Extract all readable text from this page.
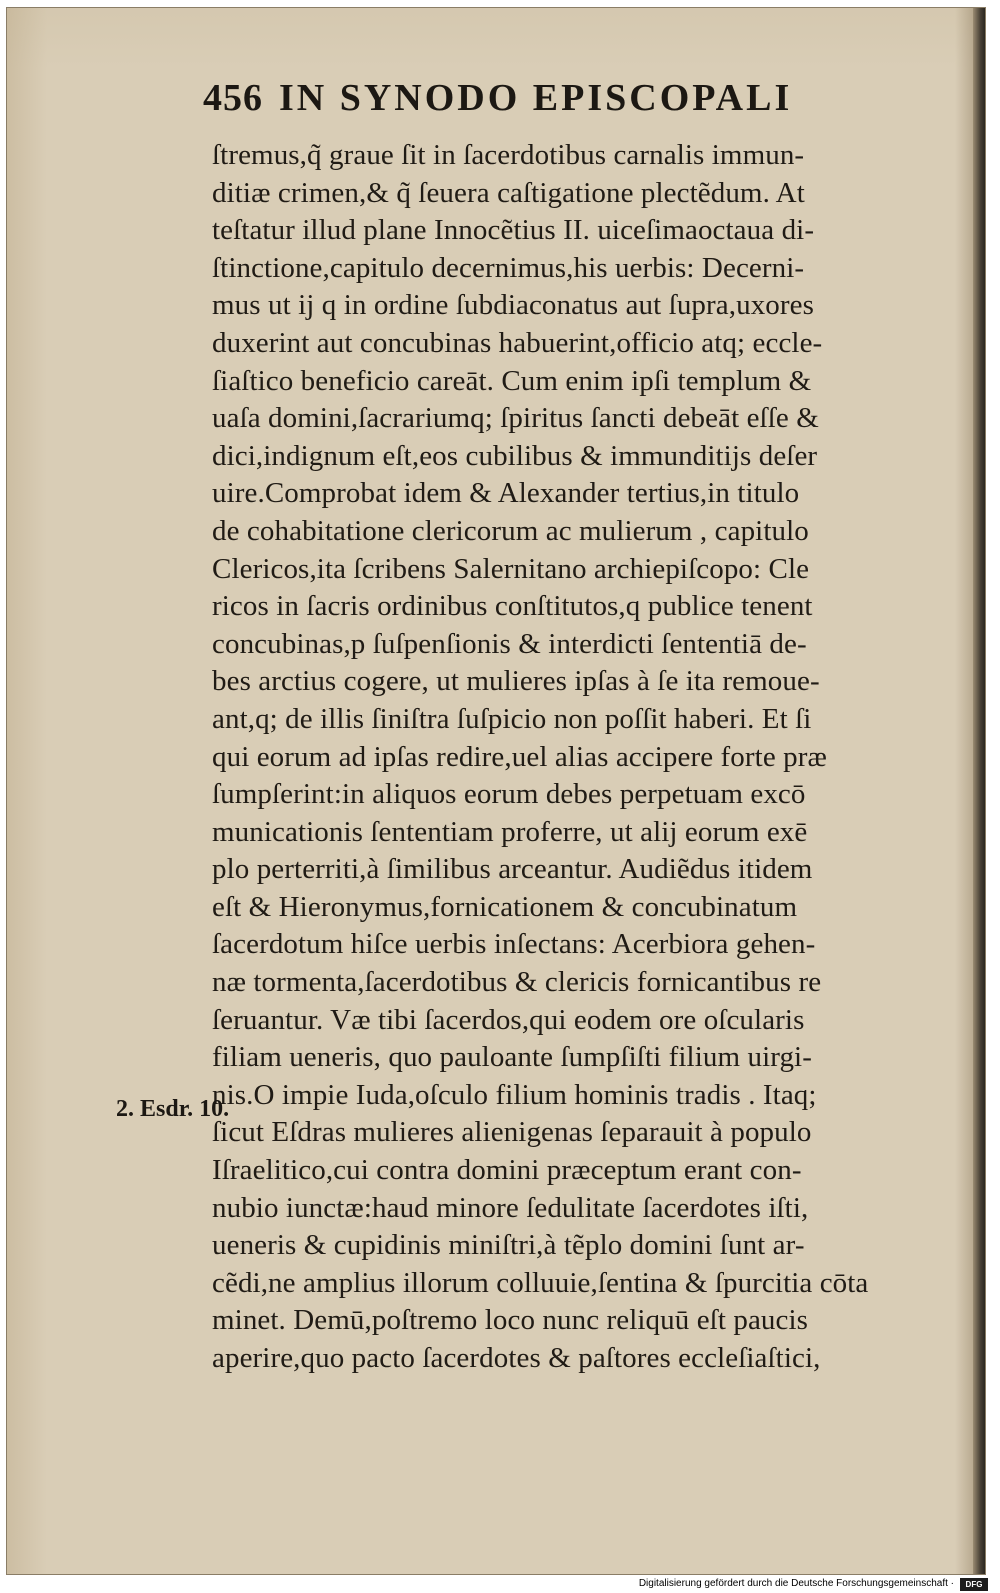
456 IN SYNODO EPISCOPALI
ſtremus,q̃ graue ſit in ſacerdotibus carnalis immun-
ditiæ crimen,& q̃ ſeuera caſtigatione plectẽdum. At
teſtatur illud plane Innocẽtius II. uiceſimaoctaua di-
ſtinctione,capitulo decernimus,his uerbis: Decerni-
mus ut ij q in ordine ſubdiaconatus aut ſupra,uxores
duxerint aut concubinas habuerint,officio atq; eccle-
ſiaſtico beneficio careāt. Cum enim ipſi templum &
uaſa domini,ſacrariumq; ſpiritus ſancti debeāt eſſe &
dici,indignum eſt,eos cubilibus & immunditijs deſer
uire.Comprobat idem & Alexander tertius,in titulo
de cohabitatione clericorum ac mulierum , capitulo
Clericos,ita ſcribens Salernitano archiepiſcopo: Cle
ricos in ſacris ordinibus conſtitutos,q publice tenent
concubinas,p ſuſpenſionis & interdicti ſententiā de-
bes arctius cogere, ut mulieres ipſas à ſe ita remoue-
ant,q; de illis ſiniſtra ſuſpicio non poſſit haberi. Et ſi
qui eorum ad ipſas redire,uel alias accipere forte præ
ſumpſerint:in aliquos eorum debes perpetuam excō
municationis ſententiam proferre, ut alij eorum exē
plo perterriti,à ſimilibus arceantur. Audiẽdus itidem
eſt & Hieronymus,fornicationem & concubinatum
ſacerdotum hiſce uerbis inſectans: Acerbiora gehen-
næ tormenta,ſacerdotibus & clericis fornicantibus re
ſeruantur. Væ tibi ſacerdos,qui eodem ore oſcularis
filiam ueneris, quo pauloante ſumpſiſti filium uirgi-
nis.O impie Iuda,oſculo filium hominis tradis . Itaq;
ſicut Eſdras mulieres alienigenas ſeparauit à populo
Iſraelitico,cui contra domini præceptum erant con-
nubio iunctæ:haud minore ſedulitate ſacerdotes iſti,
ueneris & cupidinis miniſtri,à tẽplo domini ſunt ar-
cẽdi,ne amplius illorum colluuie,ſentina & ſpurcitia cōta
minet. Demū,poſtremo loco nunc reliquū eſt paucis
aperire,quo pacto ſacerdotes & paſtores eccleſiaſtici,
2. Esdr. 10.
Digitalisierung gefördert durch die Deutsche Forschungsgemeinschaft ·	DFG
